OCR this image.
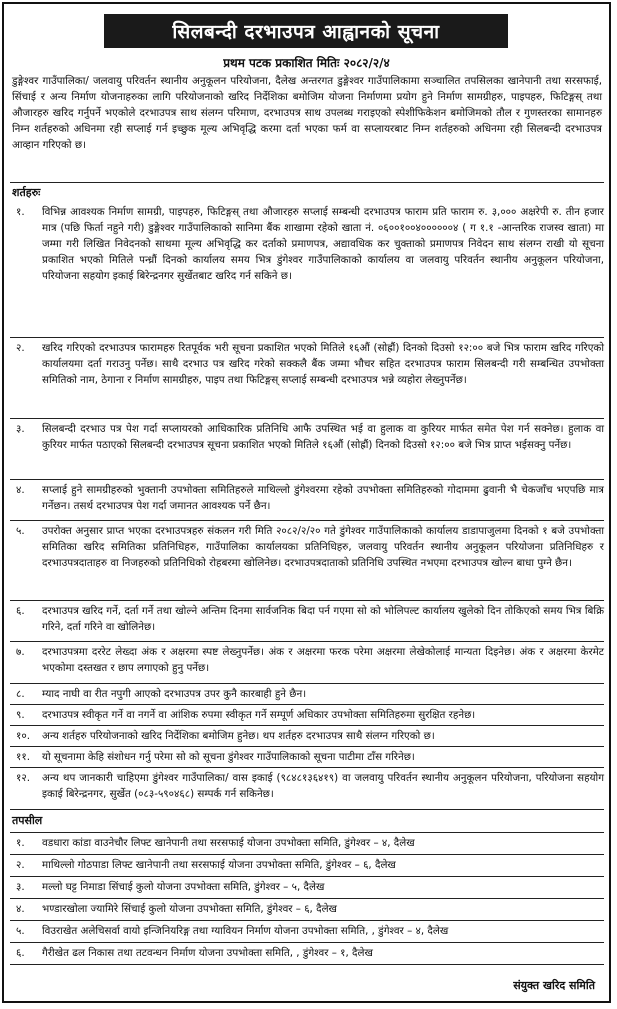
सिलबन्दी दरभाउपत्र आह्वानको सूचना
प्रथम पटक प्रकाशित मितिः २०८२/२/४
डुङ्गेश्वर गाउँपालिका/ जलवायु परिवर्तन स्थानीय अनुकूलन परियोजना, दैलेख अन्तरगत डुङ्गेश्वर गाउँपालिकामा सञ्चालित तपसिलका खानेपानी तथा सरसफाई, सिंचाई र अन्य निर्माण योजनाहरुका लागि परियोजनाको खरिद निर्देशिका बमोजिम योजना निर्माणमा प्रयोग हुने निर्माण सामग्रीहरु, पाइपहरु, फिटिङ्गस् तथा औजारहरु खरिद गर्नुपर्ने भएकोले दरभाउपत्र साथ संलग्न परिमाण, दरभाउपत्र साथ उपलब्ध गराइएको स्पेशीफिकेशन बमोजिमको तौल र गुणस्तरका सामानहरु निम्न शर्तहरुको अधिनमा रही सप्लाई गर्न इच्छुक मूल्य अभिवृद्धि करमा दर्ता भएका फर्म वा सप्लायरबाट निम्न शर्तहरुको अधिनमा रही सिलबन्दी दरभाउपत्र आव्हान गरिएको छ।
शर्तहरुः
१.	विभिन्न आवश्यक निर्माण सामग्री, पाइपहरु, फिटिङ्गस् तथा औजारहरु सप्लाई सम्बन्धी दरभाउपत्र फाराम प्रति फाराम रु. ३,००० अक्षरेपी रु. तीन हजार मात्र (पछि फिर्ता नहुने गरी) डुङ्गेश्वर गाउँपालिकाको सानिमा बैंक शाखामा रहेको खाता नं. ०६००१००४००००००४ ( ग १.१ -आन्तरिक राजस्व खाता) मा जम्मा गरी लिखित निवेदनको साथमा मूल्य अभिवृद्धि कर दर्ताको प्रमाणपत्र, अद्यावधिक कर चुक्ताको प्रमाणपत्र निवेदन साथ संलग्न राखी यो सूचना प्रकाशित भएको मितिले पन्ध्रौं दिनको कार्यालय समय भित्र डुंगेश्वर गाउँपालिकाको कार्यालय वा जलवायु परिवर्तन स्थानीय अनुकूलन परियोजना, परियोजना सहयोग इकाई बिरेन्द्रनगर सुर्खेतबाट खरिद गर्न सकिने छ।
२.	खरिद गरिएको दरभाउपत्र फारामहरु रितपूर्वक भरी सूचना प्रकाशित भएको मितिले १६औं (सोह्रौं) दिनको दिउसो १२:०० बजे भित्र फाराम खरिद गरिएको कार्यालयमा दर्ता गराउनु पर्नेछ। साथै दरभाउ पत्र खरिद गरेको सक्कलै बैंक जम्मा भौचर सहित दरभाउपत्र फाराम सिलबन्दी गरी सम्बन्धित उपभोक्ता समितिको नाम, ठेगाना र निर्माण सामग्रीहरु, पाइप तथा फिटिङ्गस् सप्लाई सम्बन्धी दरभाउपत्र भन्ने व्यहोरा लेख्नुपर्नेछ।
३.	सिलबन्दी दरभाउ पत्र पेश गर्दा सप्लायरको आधिकारिक प्रतिनिधि आफै उपस्थित भई वा हुलाक वा कुरियर मार्फत समेत पेश गर्न सक्नेछ। हुलाक वा कुरियर मार्फत पठाएको सिलबन्दी दरभाउपत्र सूचना प्रकाशित भएको मितिले १६औं (सोह्रौं) दिनको दिउसो १२:०० बजे भित्र प्राप्त भईसक्नु पर्नेछ।
४.	सप्लाई हुने सामग्रीहरुको भुक्तानी उपभोक्ता समितिहरुले माथिल्लो डुंगेश्वरमा रहेको उपभोक्ता समितिहरुको गोदाममा ढुवानी भै चेकजाँच भएपछि मात्र गर्नेछन। तसर्थ दरभाउपत्र पेश गर्दा जमानत आवश्यक पर्ने छैन।
५.	उपरोक्त अनुसार प्राप्त भएका दरभाउपत्रहरु संकलन गरी मिति २०८२/२/२० गते डुंगेश्वर गाउँपालिकाको कार्यालय डाडापाजुलमा दिनको १ बजे उपभोक्ता समितिका खरिद समितिका प्रतिनिधिहरु, गाउँपालिका कार्यालयका प्रतिनिधिहरु, जलवायु परिवर्तन स्थानीय अनुकूलन परियोजना प्रतिनिधिहरु र दरभाउपत्रदाताहरु वा निजहरुको प्रतिनिधिको रोहबरमा खोलिनेछ। दरभाउपत्रदाताको प्रतिनिधि उपस्थित नभएमा दरभाउपत्र खोल्न बाधा पुग्ने छैन।
६.	दरभाउपत्र खरिद गर्ने, दर्ता गर्ने तथा खोल्ने अन्तिम दिनमा सार्वजनिक बिदा पर्न गएमा सो को भोलिपल्ट कार्यालय खुलेको दिन तोकिएको समय भित्र बिक्रि गरिने, दर्ता गरिने वा खोलिनेछ।
७.	दरभाउपत्रमा दररेट लेख्दा अंक र अक्षरमा स्पष्ट लेख्नुपर्नेछ। अंक र अक्षरमा फरक परेमा अक्षरमा लेखेकोलाई मान्यता दिइनेछ। अंक र अक्षरमा केरमेट भएकोमा दस्तखत र छाप लगाएको हुनु पर्नेछ।
८.	म्याद नाघी वा रीत नपुगी आएको दरभाउपत्र उपर कुनै कारबाही हुने छैन।
९.	दरभाउपत्र स्वीकृत गर्ने वा नगर्ने वा आंशिक रुपमा स्वीकृत गर्ने सम्पूर्ण अधिकार उपभोक्ता समितिहरुमा सुरक्षित रहनेछ।
१०.	अन्य शर्तहरु परियोजनाको खरिद निर्देशिका बमोजिम हुनेछ। थप शर्तहरु दरभाउपत्र साथै संलग्न गरिएको छ।
११.	यो सूचनामा केहि संशोधन गर्नु परेमा सो को सूचना डुंगेश्वर गाउँपालिकाको सूचना पाटीमा टाँस गरिनेछ।
१२.	अन्य थप जानकारी चाहिएमा डुंगेश्वर गाउँपालिका/ वास इकाई (९८४८१३६४१९) वा जलवायु परिवर्तन स्थानीय अनुकूलन परियोजना, परियोजना सहयोग इकाई बिरेन्द्रनगर, सुर्खेत (०८३-५९०४६८) सम्पर्क गर्न सकिनेछ।
तपसील
१.	वडधारा कांडा वाउनेचौर लिफ्ट खानेपानी तथा सरसफाई योजना उपभोक्ता समिति, डुंगेश्वर – ४, दैलेख
२.	माथिल्लो गोठपाडा लिफ्ट खानेपानी तथा सरसफाई योजना उपभोक्ता समिति, डुंगेश्वर – ६, दैलेख
३.	मल्लो घट्ट निमाडा सिंचाई कुलो योजना उपभोक्ता समिति, डुंगेश्वर – ५, दैलेख
४.	भण्डारखोला ज्यामिरे सिंचाई कुलो योजना उपभोक्ता समिति, डुंगेश्वर – ६, दैलेख
५.	विउराखेत अलेचिसर्वा वायो इन्जिनियरिङ्ग तथा ग्यावियन निर्माण योजना उपभोक्ता समिति, , डुंगेश्वर – ४, दैलेख
६.	गैरीखेत ढल निकास तथा तटवन्धन निर्माण योजना उपभोक्ता समिति, , डुंगेश्वर – १, दैलेख
संयुक्त खरिद समिति
